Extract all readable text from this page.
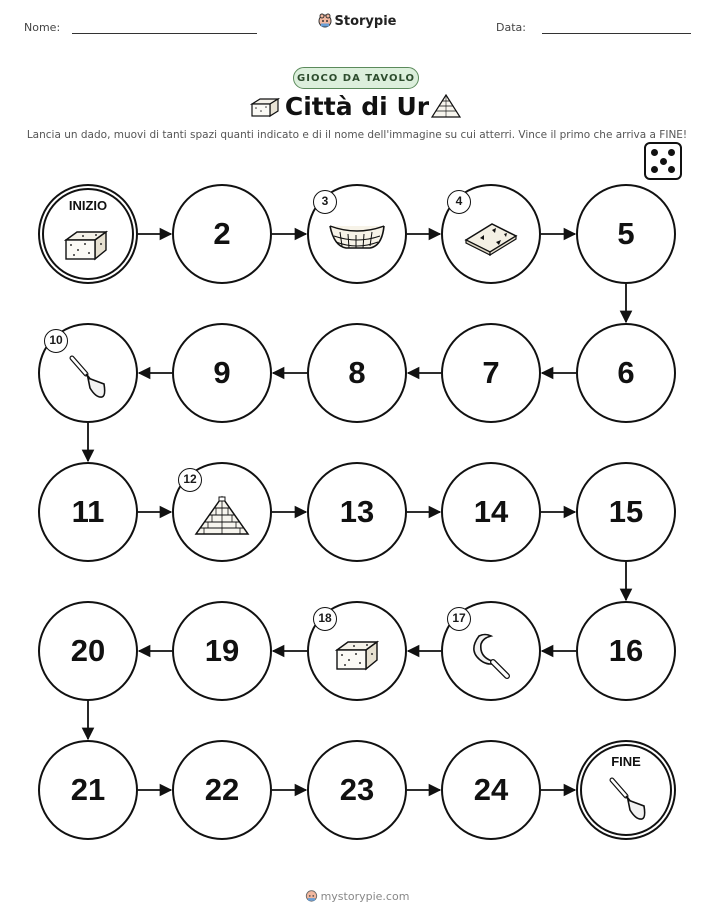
Nome:	Storypie	Data:
GIOCO DA TAVOLO
Città di Ur
Lancia un dado, muovi di tanti spazi quanti indicato e di il nome dell'immagine su cui atterri. Vince il primo che arriva a FINE!
INIZIO
2
3	4
5
6
7
8
9
10
11
12
13	14	15
16
17
18
19
20
21	22	23	24
FINE
mystorypie.com
